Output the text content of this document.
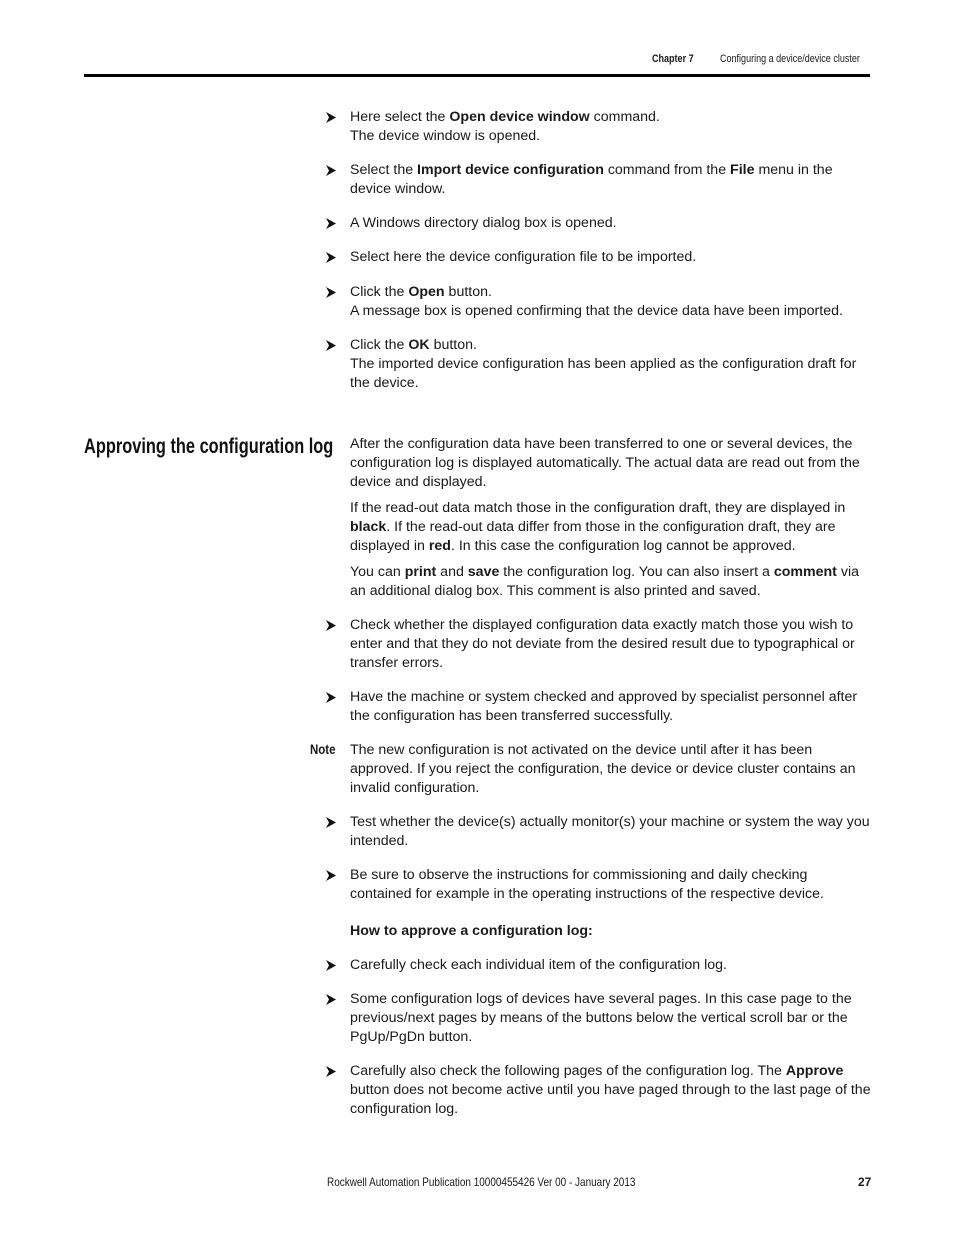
Chapter 7 Configuring a device/device cluster
Here select the Open device window command.
The device window is opened.
Select the Import device configuration command from the File menu in the device window.
A Windows directory dialog box is opened.
Select here the device configuration file to be imported.
Click the Open button.
A message box is opened confirming that the device data have been imported.
Click the OK button.
The imported device configuration has been applied as the configuration draft for the device.
Approving the configuration log After the configuration data have been transferred to one or several devices, the configuration log is displayed automatically. The actual data are read out from the device and displayed.
If the read-out data match those in the configuration draft, they are displayed in black. If the read-out data differ from those in the configuration draft, they are displayed in red. In this case the configuration log cannot be approved.
You can print and save the configuration log. You can also insert a comment via an additional dialog box. This comment is also printed and saved.
Check whether the displayed configuration data exactly match those you wish to enter and that they do not deviate from the desired result due to typographical or transfer errors.
Have the machine or system checked and approved by specialist personnel after the configuration has been transferred successfully.
Note The new configuration is not activated on the device until after it has been approved. If you reject the configuration, the device or device cluster contains an invalid configuration.
Test whether the device(s) actually monitor(s) your machine or system the way you intended.
Be sure to observe the instructions for commissioning and daily checking contained for example in the operating instructions of the respective device.
How to approve a configuration log:
Carefully check each individual item of the configuration log.
Some configuration logs of devices have several pages. In this case page to the previous/next pages by means of the buttons below the vertical scroll bar or the PgUp/PgDn button.
Carefully also check the following pages of the configuration log. The Approve button does not become active until you have paged through to the last page of the configuration log.
Rockwell Automation Publication 10000455426 Ver 00 - January 2013	27
